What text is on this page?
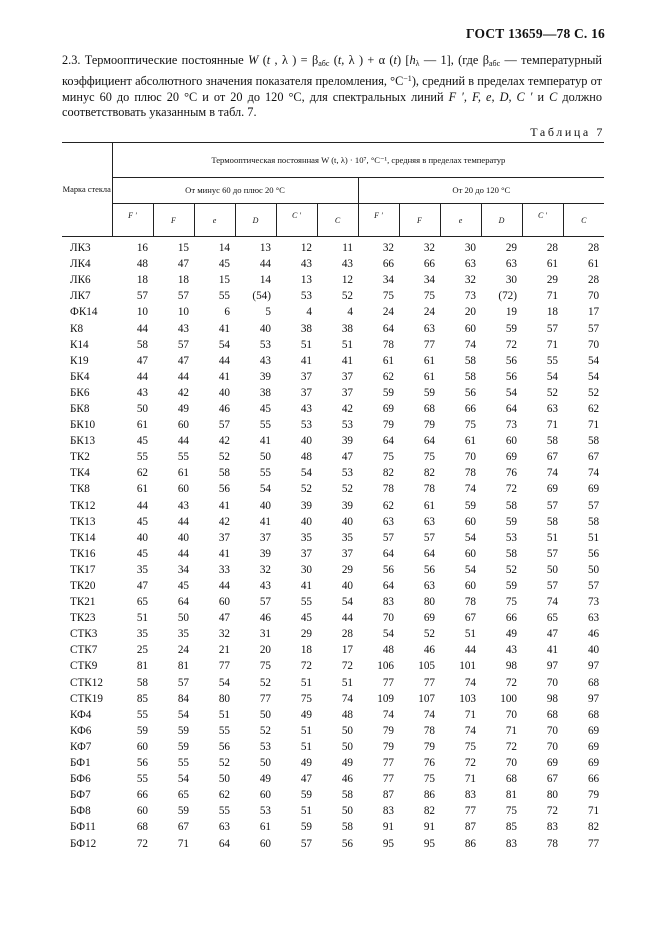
ГОСТ 13659—78 С. 16
2.3. Термооптические постоянные W (t , λ ) = $\beta_{абс}$ (t, λ ) + α (t) [$h_\lambda$ — 1], (где $\beta_{абс}$ — температурный коэффициент абсолютного значения показателя преломления, $^\circ С^{-1}$), средний в пределах температур от минус 60 до плюс 20 °С и от 20 до 120 °С, для спектральных линий F ′, F, e, D, C ′ и C должно соответствовать указанным в табл. 7.
Таблица 7
Марка стекла	Термооптическая постоянная W (t, λ) · 10⁷, °С⁻¹, средняя в пределах температур											
	От минус 60 до плюс 20 °С						От 20 до 120 °С					
	F ′	F	e	D	C ′	C	F ′	F	e	D	C ′	C
ЛК3	16	15	14	13	12	11	32	32	30	29	28	28
ЛК4	48	47	45	44	43	43	66	66	63	63	61	61
ЛК6	18	18	15	14	13	12	34	34	32	30	29	28
ЛК7	57	57	55	(54)	53	52	75	75	73	(72)	71	70
ФК14	10	10	6	5	4	4	24	24	20	19	18	17
К8	44	43	41	40	38	38	64	63	60	59	57	57
К14	58	57	54	53	51	51	78	77	74	72	71	70
К19	47	47	44	43	41	41	61	61	58	56	55	54
БК4	44	44	41	39	37	37	62	61	58	56	54	54
БК6	43	42	40	38	37	37	59	59	56	54	52	52
БК8	50	49	46	45	43	42	69	68	66	64	63	62
БК10	61	60	57	55	53	53	79	79	75	73	71	71
БК13	45	44	42	41	40	39	64	64	61	60	58	58
ТК2	55	55	52	50	48	47	75	75	70	69	67	67
ТК4	62	61	58	55	54	53	82	82	78	76	74	74
ТК8	61	60	56	54	52	52	78	78	74	72	69	69
ТК12	44	43	41	40	39	39	62	61	59	58	57	57
ТК13	45	44	42	41	40	40	63	63	60	59	58	58
ТК14	40	40	37	37	35	35	57	57	54	53	51	51
ТК16	45	44	41	39	37	37	64	64	60	58	57	56
ТК17	35	34	33	32	30	29	56	56	54	52	50	50
ТК20	47	45	44	43	41	40	64	63	60	59	57	57
ТК21	65	64	60	57	55	54	83	80	78	75	74	73
ТК23	51	50	47	46	45	44	70	69	67	66	65	63
СТК3	35	35	32	31	29	28	54	52	51	49	47	46
СТК7	25	24	21	20	18	17	48	46	44	43	41	40
СТК9	81	81	77	75	72	72	106	105	101	98	97	97
СТК12	58	57	54	52	51	51	77	77	74	72	70	68
СТК19	85	84	80	77	75	74	109	107	103	100	98	97
КФ4	55	54	51	50	49	48	74	74	71	70	68	68
КФ6	59	59	55	52	51	50	79	78	74	71	70	69
КФ7	60	59	56	53	51	50	79	79	75	72	70	69
БФ1	56	55	52	50	49	49	77	76	72	70	69	69
БФ6	55	54	50	49	47	46	77	75	71	68	67	66
БФ7	66	65	62	60	59	58	87	86	83	81	80	79
БФ8	60	59	55	53	51	50	83	82	77	75	72	71
БФ11	68	67	63	61	59	58	91	91	87	85	83	82
БФ12	72	71	64	60	57	56	95	95	86	83	78	77
